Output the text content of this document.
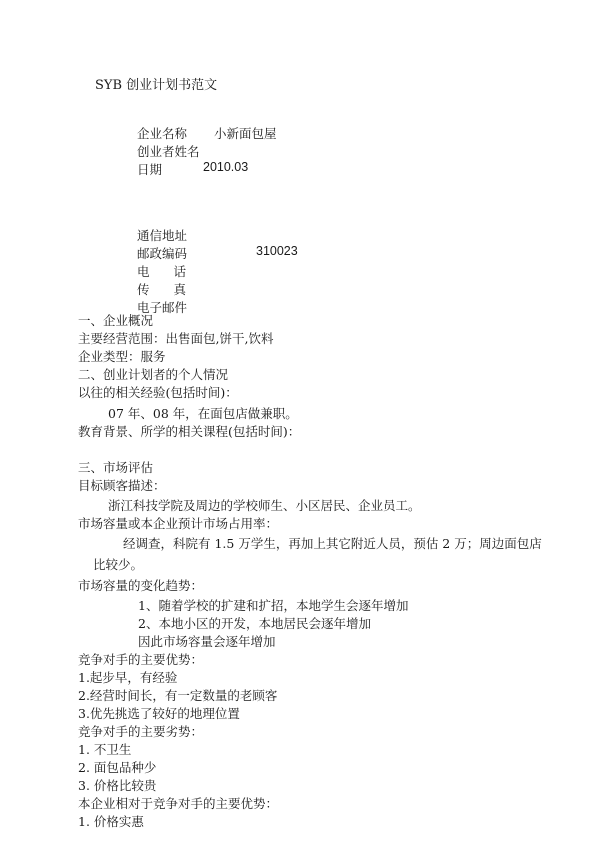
SYB 创业计划书范文
企业名称 小新面包屋
创业者姓名
日期	2010.03
通信地址
邮政编码	310023
电话
传真
电子邮件
一、企业概况
主要经营范围：出售面包,饼干,饮料
企业类型：服务
二、创业计划者的个人情况
以往的相关经验(包括时间)：
07 年、08 年，在面包店做兼职。
教育背景、所学的相关课程(包括时间)：
三、市场评估
目标顾客描述：
浙江科技学院及周边的学校师生、小区居民、企业员工。
市场容量或本企业预计市场占用率：
经调查，科院有 1.5 万学生，再加上其它附近人员，预估 2 万；周边面包店比较少。
市场容量的变化趋势：
1、随着学校的扩建和扩招，本地学生会逐年增加
2、本地小区的开发，本地居民会逐年增加
因此市场容量会逐年增加
竞争对手的主要优势：
1.起步早，有经验
2.经营时间长，有一定数量的老顾客
3.优先挑选了较好的地理位置
竞争对手的主要劣势：
1. 不卫生
2. 面包品种少
3. 价格比较贵
本企业相对于竞争对手的主要优势：
1. 价格实惠
